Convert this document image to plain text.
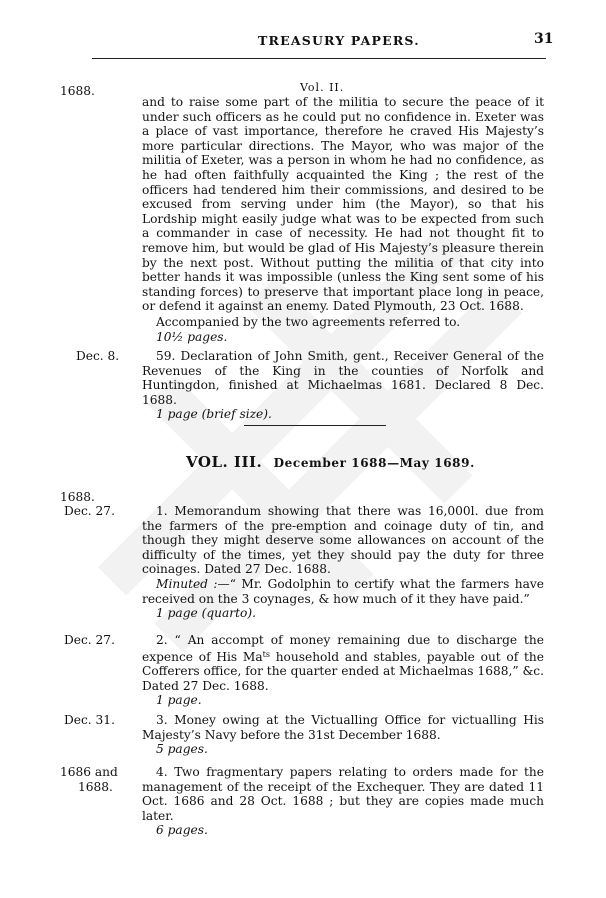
TREASURY PAPERS.	31
1688.	Vol. II.

and to raise some part of the militia to secure the peace of it under such officers as he could put no confidence in. Exeter was a place of vast importance, therefore he craved His Majesty’s more particular directions. The Mayor, who was major of the militia of Exeter, was a person in whom he had no confidence, as he had often faithfully acquainted the King ; the rest of the officers had tendered him their commissions, and desired to be excused from serving under him (the Mayor), so that his Lordship might easily judge what was to be expected from such a commander in case of necessity. He had not thought fit to remove him, but would be glad of His Majesty’s pleasure therein by the next post. Without putting the militia of that city into better hands it was impossible (unless the King sent some of his standing forces) to preserve that important place long in peace, or defend it against an enemy. Dated Plymouth, 23 Oct. 1688.

Accompanied by the two agreements referred to.

10½ pages.

Dec. 8.	59. Declaration of John Smith, gent., Receiver General of the Revenues of the King in the counties of Norfolk and Huntingdon, finished at Michaelmas 1681. Declared 8 Dec. 1688.

1 page (brief size).

VOL. III. December 1688—May 1689.
1688.
Dec. 27.	1. Memorandum showing that there was 16,000l. due from the farmers of the pre-emption and coinage duty of tin, and though they might deserve some allowances on account of the difficulty of the times, yet they should pay the duty for three coinages. Dated 27 Dec. 1688.

Minuted :—“ Mr. Godolphin to certify what the farmers have received on the 3 coynages, & how much of it they have paid.”

1 page (quarto).

Dec. 27.	2. “ An accompt of money remaining due to discharge the expence of His $Ma^{ts}$ household and stables, payable out of the Cofferers office, for the quarter ended at Michaelmas 1688,” &c. Dated 27 Dec. 1688.

1 page.

Dec. 31.	3. Money owing at the Victualling Office for victualling His Majesty’s Navy before the 31st December 1688.

5 pages.

1686 and
1688.

4. Two fragmentary papers relating to orders made for the management of the receipt of the Exchequer. They are dated 11 Oct. 1686 and 28 Oct. 1688 ; but they are copies made much later.

6 pages.
